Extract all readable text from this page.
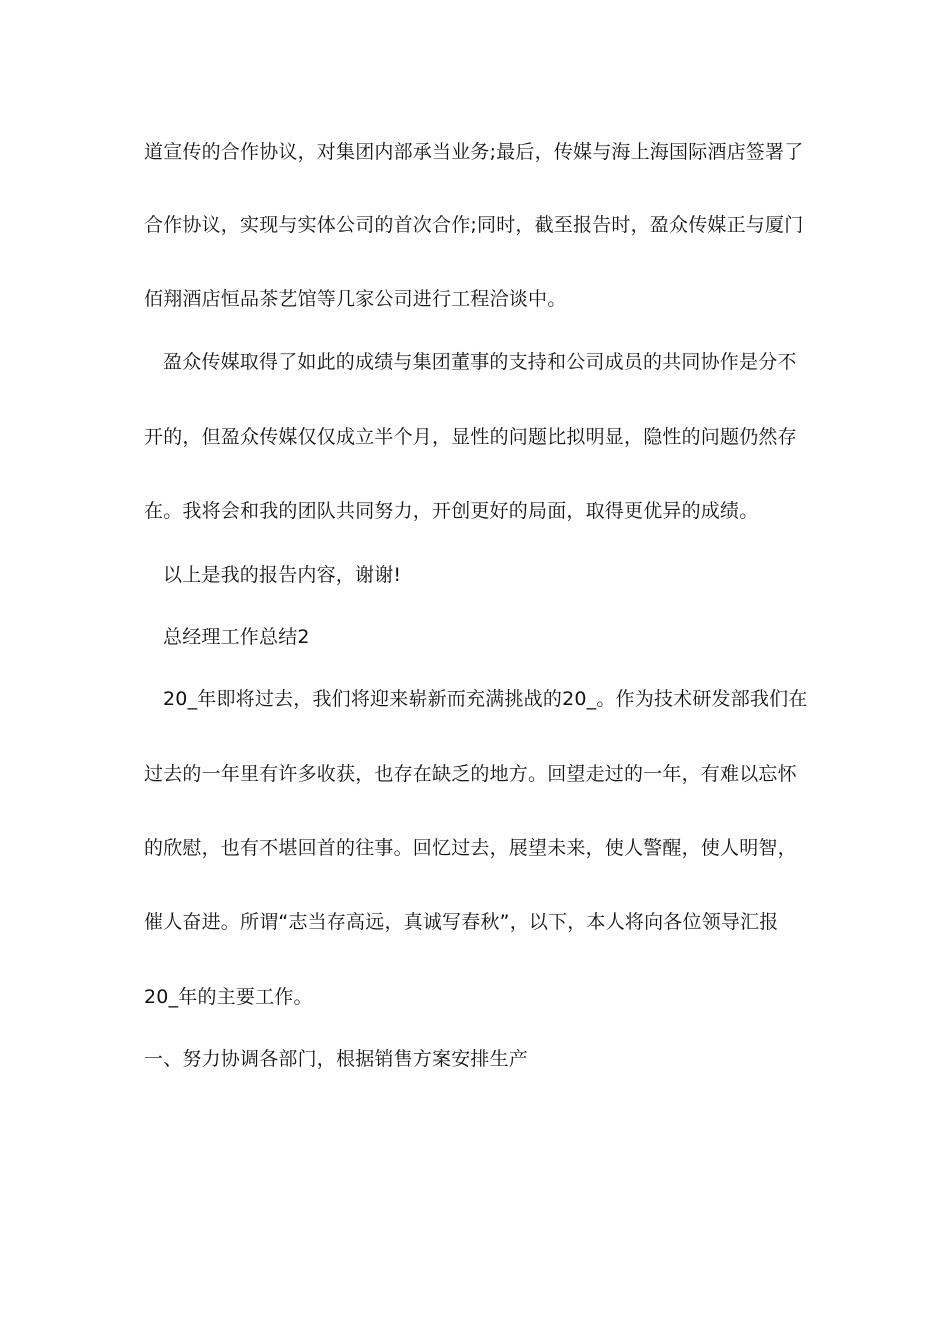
道宣传的合作协议，对集团内部承当业务;最后，传媒与海上海国际酒店签署了
合作协议，实现与实体公司的首次合作;同时，截至报告时，盈众传媒正与厦门
佰翔酒店恒品茶艺馆等几家公司进行工程洽谈中。
盈众传媒取得了如此的成绩与集团董事的支持和公司成员的共同协作是分不
开的，但盈众传媒仅仅成立半个月，显性的问题比拟明显，隐性的问题仍然存
在。我将会和我的团队共同努力，开创更好的局面，取得更优异的成绩。
以上是我的报告内容，谢谢!
总经理工作总结2
20_年即将过去，我们将迎来崭新而充满挑战的20_。作为技术研发部我们在
过去的一年里有许多收获，也存在缺乏的地方。回望走过的一年，有难以忘怀
的欣慰，也有不堪回首的往事。回忆过去，展望未来，使人警醒，使人明智，
催人奋进。所谓“志当存高远，真诚写春秋”，以下，本人将向各位领导汇报
20_年的主要工作。
一、努力协调各部门，根据销售方案安排生产
